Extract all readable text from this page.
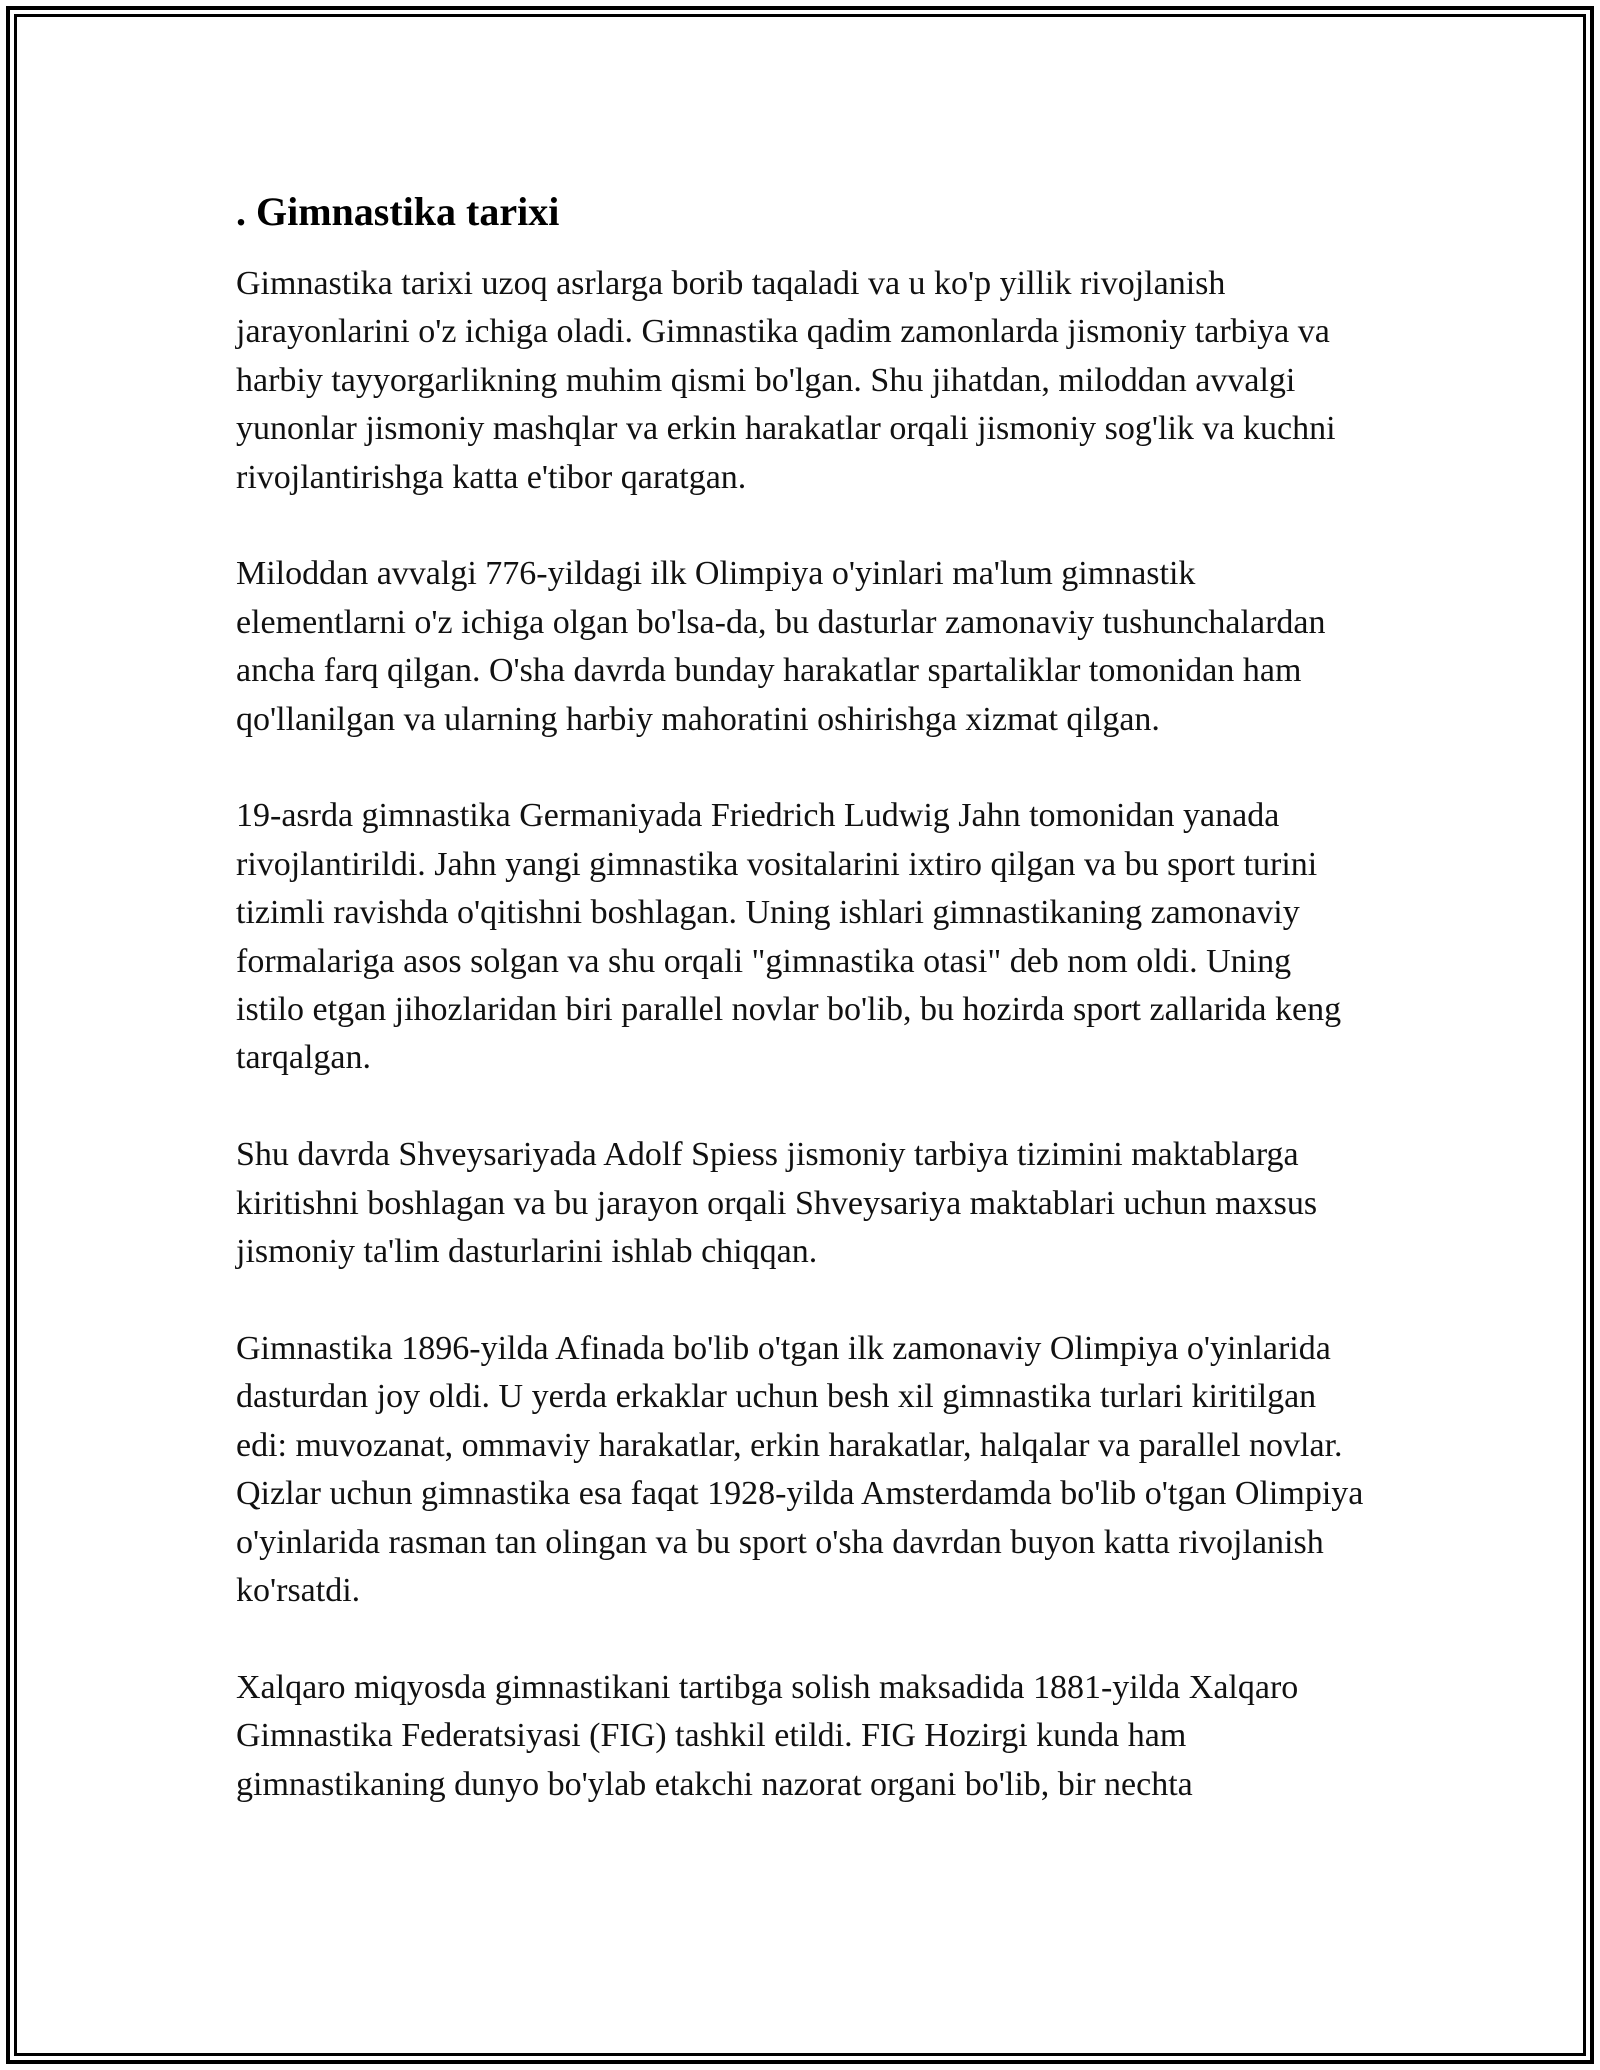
. Gimnastika tarixi

Gimnastika tarixi uzoq asrlarga borib taqaladi va u ko'p yillik rivojlanish jarayonlarini o'z ichiga oladi. Gimnastika qadim zamonlarda jismoniy tarbiya va harbiy tayyorgarlikning muhim qismi bo'lgan. Shu jihatdan, miloddan avvalgi yunonlar jismoniy mashqlar va erkin harakatlar orqali jismoniy sog'lik va kuchni rivojlantirishga katta e'tibor qaratgan.

Miloddan avvalgi 776-yildagi ilk Olimpiya o'yinlari ma'lum gimnastik elementlarni o'z ichiga olgan bo'lsa-da, bu dasturlar zamonaviy tushunchalardan ancha farq qilgan. O'sha davrda bunday harakatlar spartaliklar tomonidan ham qo'llanilgan va ularning harbiy mahoratini oshirishga xizmat qilgan.

19-asrda gimnastika Germaniyada Friedrich Ludwig Jahn tomonidan yanada rivojlantirildi. Jahn yangi gimnastika vositalarini ixtiro qilgan va bu sport turini tizimli ravishda o'qitishni boshlagan. Uning ishlari gimnastikaning zamonaviy formalariga asos solgan va shu orqali "gimnastika otasi" deb nom oldi. Uning istilo etgan jihozlaridan biri parallel novlar bo'lib, bu hozirda sport zallarida keng tarqalgan.

Shu davrda Shveysariyada Adolf Spiess jismoniy tarbiya tizimini maktablarga kiritishni boshlagan va bu jarayon orqali Shveysariya maktablari uchun maxsus jismoniy ta'lim dasturlarini ishlab chiqqan.

Gimnastika 1896-yilda Afinada bo'lib o'tgan ilk zamonaviy Olimpiya o'yinlarida dasturdan joy oldi. U yerda erkaklar uchun besh xil gimnastika turlari kiritilgan edi: muvozanat, ommaviy harakatlar, erkin harakatlar, halqalar va parallel novlar. Qizlar uchun gimnastika esa faqat 1928-yilda Amsterdamda bo'lib o'tgan Olimpiya o'yinlarida rasman tan olingan va bu sport o'sha davrdan buyon katta rivojlanish ko'rsatdi.

Xalqaro miqyosda gimnastikani tartibga solish maksadida 1881-yilda Xalqaro Gimnastika Federatsiyasi (FIG) tashkil etildi. FIG Hozirgi kunda ham gimnastikaning dunyo bo'ylab etakchi nazorat organi bo'lib, bir nechta
